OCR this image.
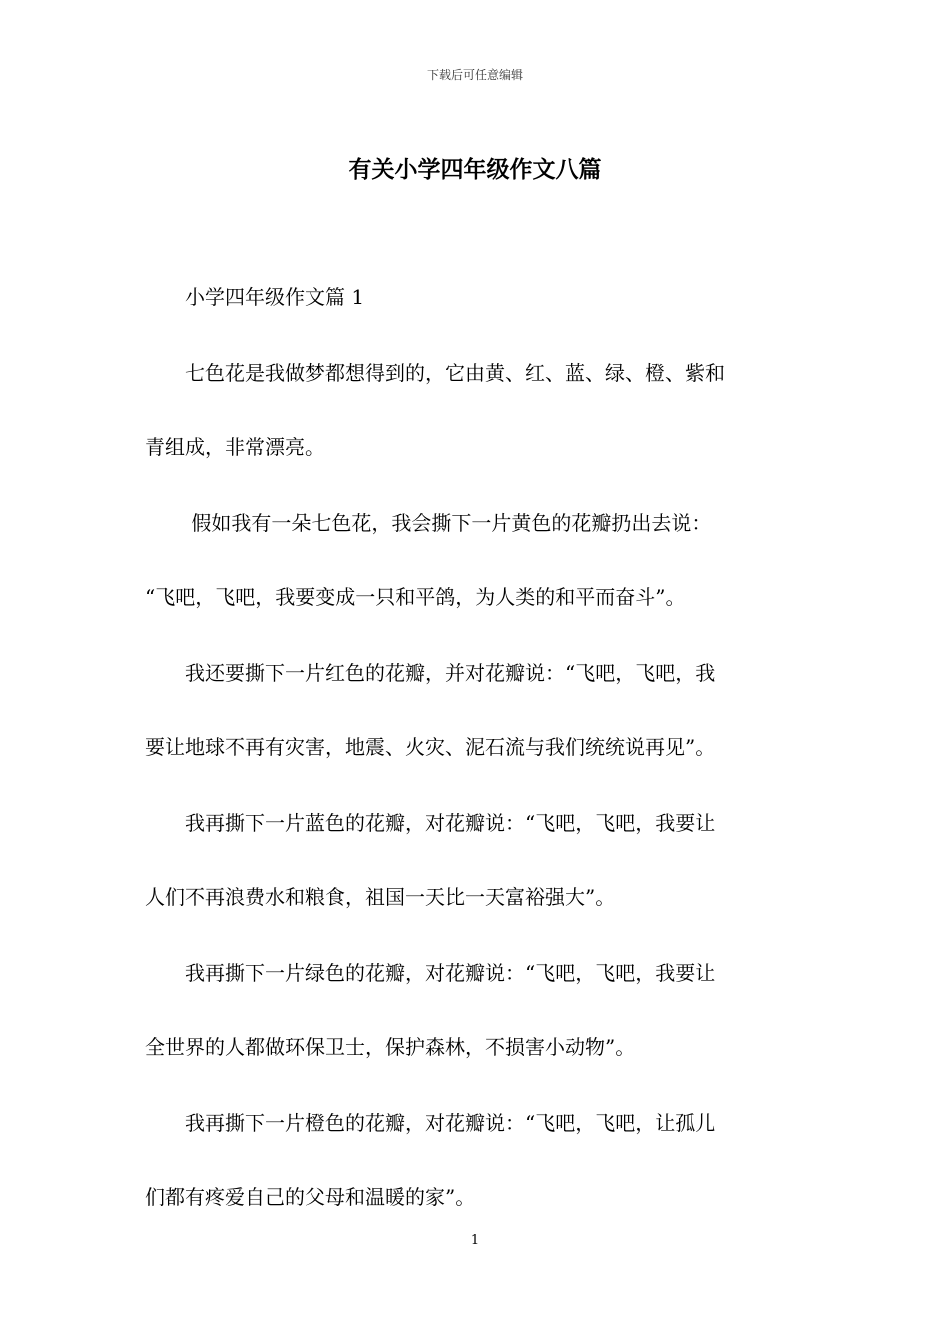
下载后可任意编辑
有关小学四年级作文八篇

小学四年级作文篇 1

七色花是我做梦都想得到的，它由黄、红、蓝、绿、橙、紫和
青组成，非常漂亮。

假如我有一朵七色花，我会撕下一片黄色的花瓣扔出去说：
“飞吧，飞吧，我要变成一只和平鸽，为人类的和平而奋斗”。

我还要撕下一片红色的花瓣，并对花瓣说：“飞吧，飞吧，我
要让地球不再有灾害，地震、火灾、泥石流与我们统统说再见”。

我再撕下一片蓝色的花瓣，对花瓣说：“飞吧，飞吧，我要让
人们不再浪费水和粮食，祖国一天比一天富裕强大”。

我再撕下一片绿色的花瓣，对花瓣说：“飞吧，飞吧，我要让
全世界的人都做环保卫士，保护森林，不损害小动物”。

我再撕下一片橙色的花瓣，对花瓣说：“飞吧，飞吧，让孤儿
们都有疼爱自己的父母和温暖的家”。

1
